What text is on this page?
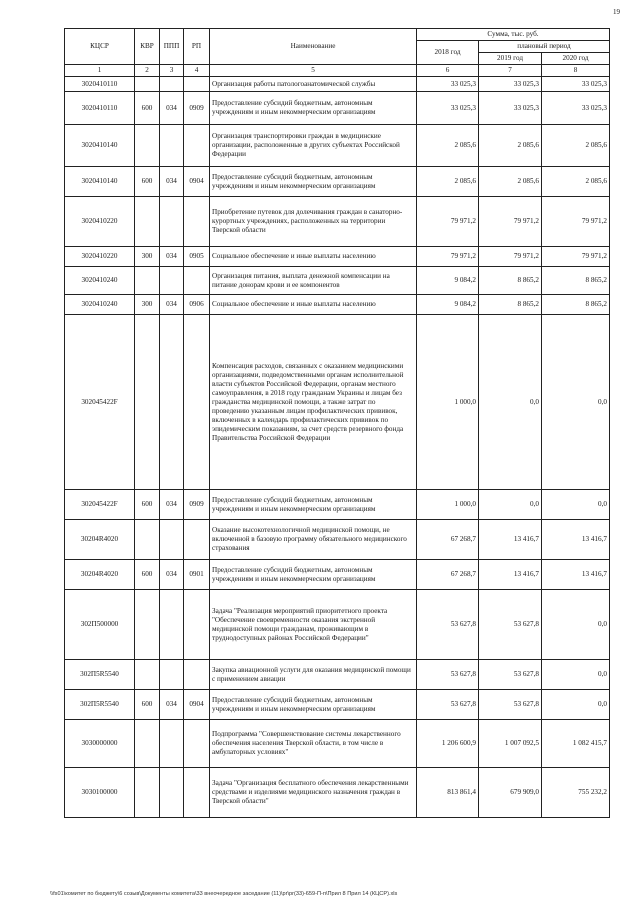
19
КЦСР	КВР	ППП	РП	Наименование	Сумма, тыс. руб.		
					2018 год	плановый период	
						2019 год	2020 год
1	2	3	4	5	6	7	8
3020410110				Организация работы патологоанатомической службы	33 025,3	33 025,3	33 025,3
3020410110	600	034	0909	Предоставление субсидий бюджетным, автономным учреждениям и иным некоммерческим организациям	33 025,3	33 025,3	33 025,3
3020410140				Организация транспортировки граждан в медицинские организации, расположенные в других субъектах Российской Федерации	2 085,6	2 085,6	2 085,6
3020410140	600	034	0904	Предоставление субсидий бюджетным, автономным учреждениям и иным некоммерческим организациям	2 085,6	2 085,6	2 085,6
3020410220				Приобретение путевок для долечивания граждан в санаторно-курортных учреждениях, расположенных на территории Тверской области	79 971,2	79 971,2	79 971,2
3020410220	300	034	0905	Социальное обеспечение и иные выплаты населению	79 971,2	79 971,2	79 971,2
3020410240				Организация питания, выплата денежной компенсации на питание донорам крови и ее компонентов	9 084,2	8 865,2	8 865,2
3020410240	300	034	0906	Социальное обеспечение и иные выплаты населению	9 084,2	8 865,2	8 865,2
302045422F				Компенсация расходов, связанных с оказанием медицинскими организациями, подведомственными органам исполнительной власти субъектов Российской Федерации, органам местного самоуправления, в 2018 году гражданам Украины и лицам без гражданства медицинской помощи, а также затрат по проведению указанным лицам профилактических прививок, включенных в календарь профилактических прививок по эпидемическим показаниям, за счет средств резервного фонда Правительства Российской Федерации	1 000,0	0,0	0,0
302045422F	600	034	0909	Предоставление субсидий бюджетным, автономным учреждениям и иным некоммерческим организациям	1 000,0	0,0	0,0
30204R4020				Оказание высокотехнологичной медицинской помощи, не включенной в базовую программу обязательного медицинского страхования	67 268,7	13 416,7	13 416,7
30204R4020	600	034	0901	Предоставление субсидий бюджетным, автономным учреждениям и иным некоммерческим организациям	67 268,7	13 416,7	13 416,7
302П500000				Задача "Реализация мероприятий приоритетного проекта "Обеспечение своевременности оказания экстренной медицинской помощи гражданам, проживающим в труднодоступных районах Российской Федерации"	53 627,8	53 627,8	0,0
302П5R5540				Закупка авиационной услуги для оказания медицинской помощи с применением авиации	53 627,8	53 627,8	0,0
302П5R5540	600	034	0904	Предоставление субсидий бюджетным, автономным учреждениям и иным некоммерческим организациям	53 627,8	53 627,8	0,0
3030000000				Подпрограмма "Совершенствование системы лекарственного обеспечения населения Тверской области, в том числе в амбулаторных условиях"	1 206 600,9	1 007 092,5	1 082 415,7
3030100000				Задача "Организация бесплатного обеспечения лекарственными средствами и изделиями медицинского назначения граждан в Тверской области"	813 861,4	679 909,0	755 232,2
\\fs01\комитет по бюджету\6 созыв\Документы комитета\33 внеочередное заседание (11)\pr\pr(33)-659-П-п\Прил 8 Прил 14 (КЦСР).xls
